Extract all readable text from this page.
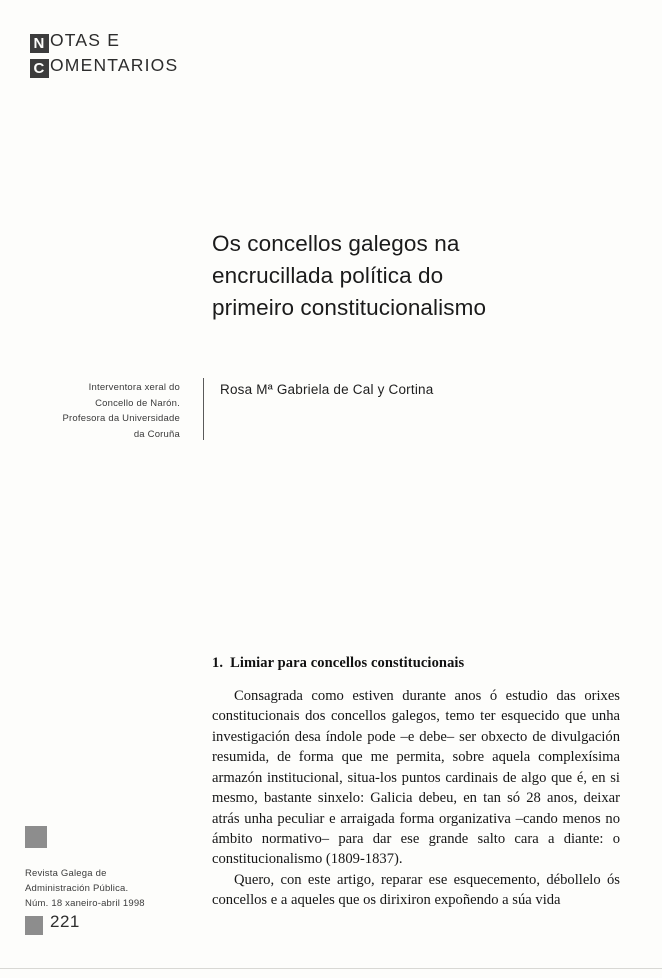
N OTAS E
C OMENTARIOS
Os concellos galegos na
encrucillada política do
primeiro constitucionalismo
Interventora xeral do
Concello de Narón.
Profesora da Universidade
da Coruña
Rosa Mª Gabriela de Cal y Cortina
1. Limiar para concellos constitucionais

Consagrada como estiven durante anos ó estudio das orixes constitucionais dos concellos galegos, temo ter esquecido que unha investigación desa índole pode –e debe– ser obxecto de divulgación resumida, de forma que me permita, sobre aquela complexísima armazón institucional, situa-los puntos cardinais de algo que é, en si mesmo, bastante sinxelo: Galicia debeu, en tan só 28 anos, deixar atrás unha peculiar e arraigada forma organizativa –cando menos no ámbito normativo– para dar ese grande salto cara a diante: o constitucionalismo (1809-1837).

Quero, con este artigo, reparar ese esquecemento, débollelo ós concellos e a aqueles que os dirixiron expoñendo a súa vida

Revista Galega de
Administración Pública.
Núm. 18 xaneiro-abril 1998
221
